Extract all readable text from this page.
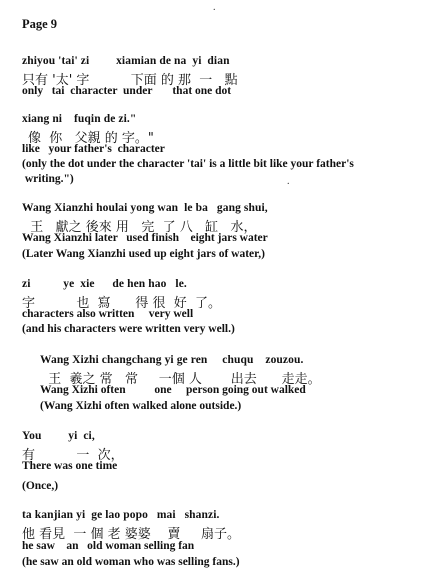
.
.
Page 9
zhiyou 'tai' zi         xiamian de na  yi  dian
只有 '太' 字          下面 的 那  一   點
only   tai  character  under       that one dot
xiang ni    fuqin de zi."
像  你   父親 的 字。"
like   your father's  character
(only the dot under the character 'tai' is a little bit like your father's
writing.")
Wang Xianzhi houlai yong wan  le ba   gang shui,
王   獻之 後來 用   完  了 八   缸   水，
Wang Xianzhi later   used finish    eight jars water
(Later Wang Xianzhi used up eight jars of water,)
zi           ye  xie      de hen hao   le.
字          也  寫      得 很  好  了。
characters also written     very well
(and his characters were written very well.)
Wang Xizhi changchang yi ge ren     chuqu    zouzou.
王  羲之 常   常     一個 人       出去      走走。
Wang Xizhi often          one     person going out walked
(Wang Xizhi often walked alone outside.)
You         yi  ci,
有          一  次，
There was one time
(Once,)
ta kanjian yi  ge lao popo   mai   shanzi.
他 看見  一 個 老 婆婆    賣     扇子。
he saw    an   old woman selling fan
(he saw an old woman who was selling fans.)
